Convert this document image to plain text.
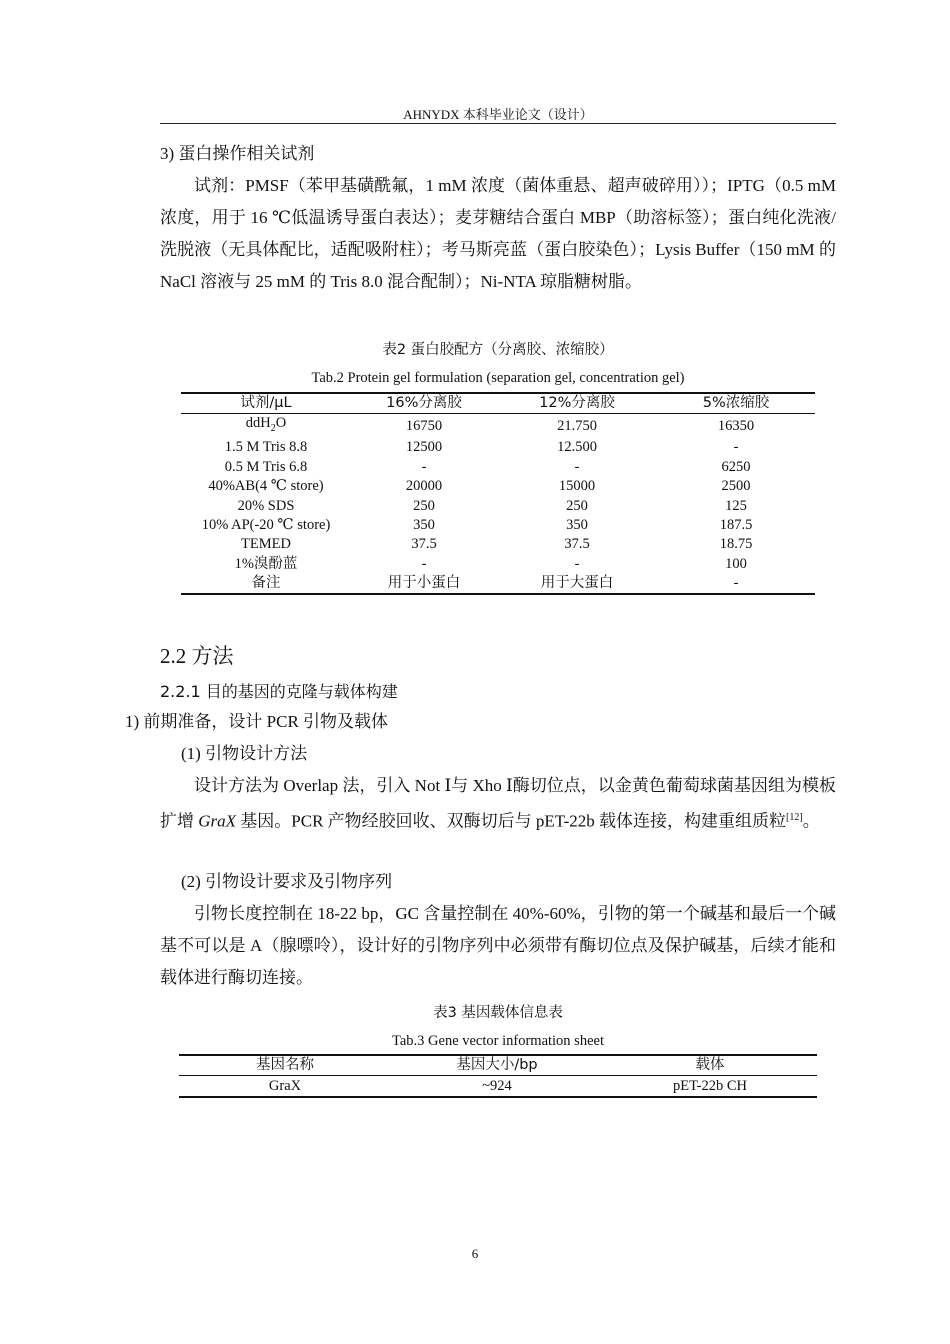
AHNYDX 本科毕业论文（设计）
3) 蛋白操作相关试剂
试剂：PMSF（苯甲基磺酰氟，1 mM 浓度（菌体重悬、超声破碎用））；IPTG（0.5 mM 浓度，用于 16 ℃低温诱导蛋白表达）；麦芽糖结合蛋白 MBP（助溶标签）；蛋白纯化洗液/洗脱液（无具体配比，适配吸附柱）；考马斯亮蓝（蛋白胶染色）；Lysis Buffer（150 mM 的 NaCl 溶液与 25 mM 的 Tris 8.0 混合配制）；Ni-NTA 琼脂糖树脂。
表2 蛋白胶配方（分离胶、浓缩胶）
Tab.2 Protein gel formulation (separation gel, concentration gel)
试剂/μL	16%分离胶	12%分离胶	5%浓缩胶
ddH$_2$O	16750	21.750	16350
1.5 M Tris 8.8	12500	12.500	-
0.5 M Tris 6.8	-	-	6250
40%AB(4 ℃ store)	20000	15000	2500
20% SDS	250	250	125
10% AP(-20 ℃ store)	350	350	187.5
TEMED	37.5	37.5	18.75
1%溴酚蓝	-	-	100
备注	用于小蛋白	用于大蛋白	-
2.2 方法
2.2.1 目的基因的克隆与载体构建
1) 前期准备，设计 PCR 引物及载体
(1) 引物设计方法
设计方法为 Overlap 法，引入 Not Ⅰ与 Xho Ⅰ酶切位点，以金黄色葡萄球菌基因组为模板扩增 GraX 基因。PCR 产物经胶回收、双酶切后与 pET-22b 载体连接，构建重组质粒[12]。
(2) 引物设计要求及引物序列
引物长度控制在 18-22 bp，GC 含量控制在 40%-60%，引物的第一个碱基和最后一个碱基不可以是 A（腺嘌呤），设计好的引物序列中必须带有酶切位点及保护碱基，后续才能和载体进行酶切连接。
表3 基因载体信息表
Tab.3 Gene vector information sheet
基因名称	基因大小/bp	载体
GraX	~924	pET-22b CH
6
